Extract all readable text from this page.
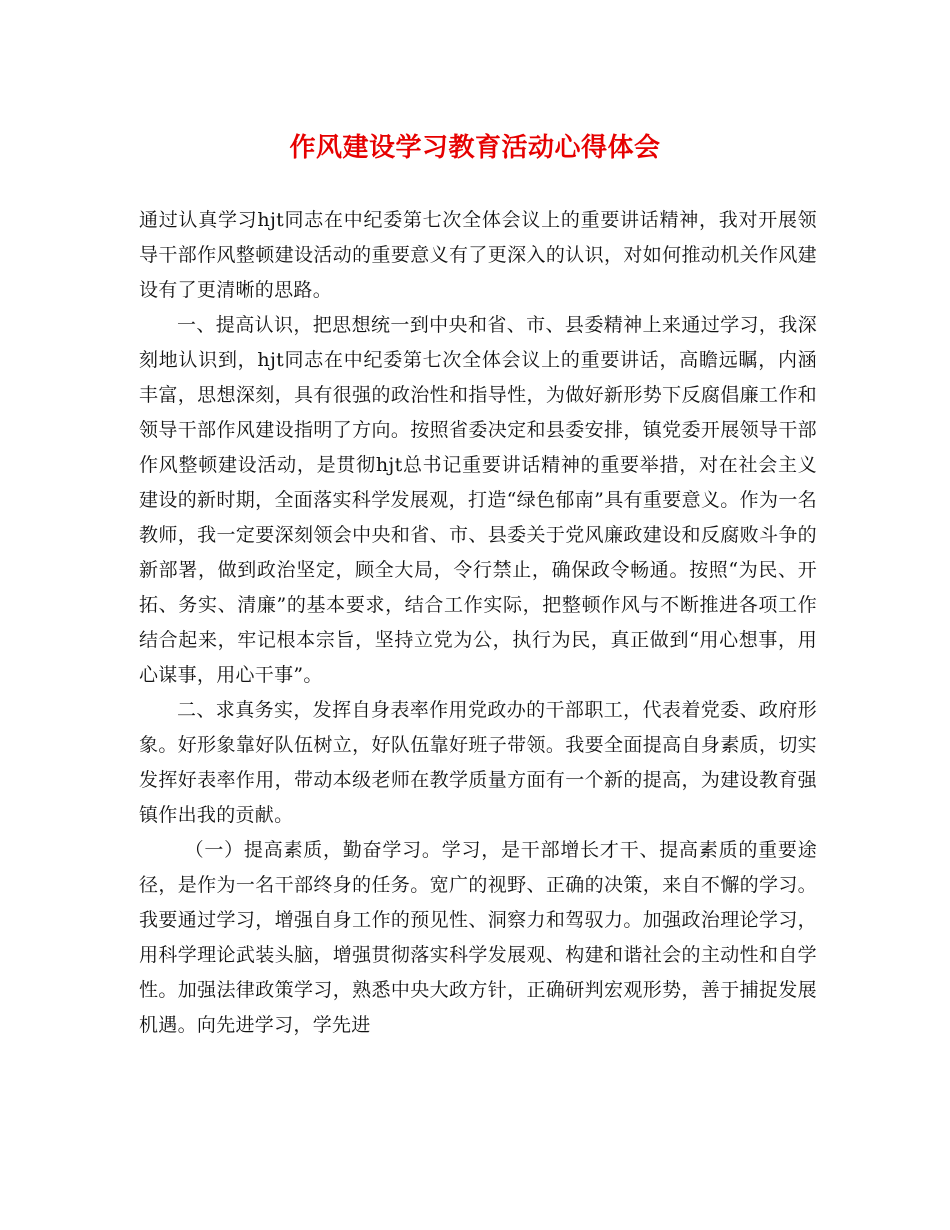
作风建设学习教育活动心得体会

通过认真学习hjt同志在中纪委第七次全体会议上的重要讲话精神，我对开展领导干部作风整顿建设活动的重要意义有了更深入的认识，对如何推动机关作风建设有了更清晰的思路。

一、提高认识，把思想统一到中央和省、市、县委精神上来通过学习，我深刻地认识到，hjt同志在中纪委第七次全体会议上的重要讲话，高瞻远瞩，内涵丰富，思想深刻，具有很强的政治性和指导性，为做好新形势下反腐倡廉工作和领导干部作风建设指明了方向。按照省委决定和县委安排，镇党委开展领导干部作风整顿建设活动，是贯彻hjt总书记重要讲话精神的重要举措，对在社会主义建设的新时期，全面落实科学发展观，打造“绿色郁南”具有重要意义。作为一名教师，我一定要深刻领会中央和省、市、县委关于党风廉政建设和反腐败斗争的新部署，做到政治坚定，顾全大局，令行禁止，确保政令畅通。按照“为民、开拓、务实、清廉”的基本要求，结合工作实际，把整顿作风与不断推进各项工作结合起来，牢记根本宗旨，坚持立党为公，执行为民，真正做到“用心想事，用心谋事，用心干事”。

二、求真务实，发挥自身表率作用党政办的干部职工，代表着党委、政府形象。好形象靠好队伍树立，好队伍靠好班子带领。我要全面提高自身素质，切实发挥好表率作用，带动本级老师在教学质量方面有一个新的提高，为建设教育强镇作出我的贡献。

（一）提高素质，勤奋学习。学习，是干部增长才干、提高素质的重要途径，是作为一名干部终身的任务。宽广的视野、正确的决策，来自不懈的学习。我要通过学习，增强自身工作的预见性、洞察力和驾驭力。加强政治理论学习，用科学理论武装头脑，增强贯彻落实科学发展观、构建和谐社会的主动性和自学性。加强法律政策学习，熟悉中央大政方针，正确研判宏观形势，善于捕捉发展机遇。向先进学习，学先进
